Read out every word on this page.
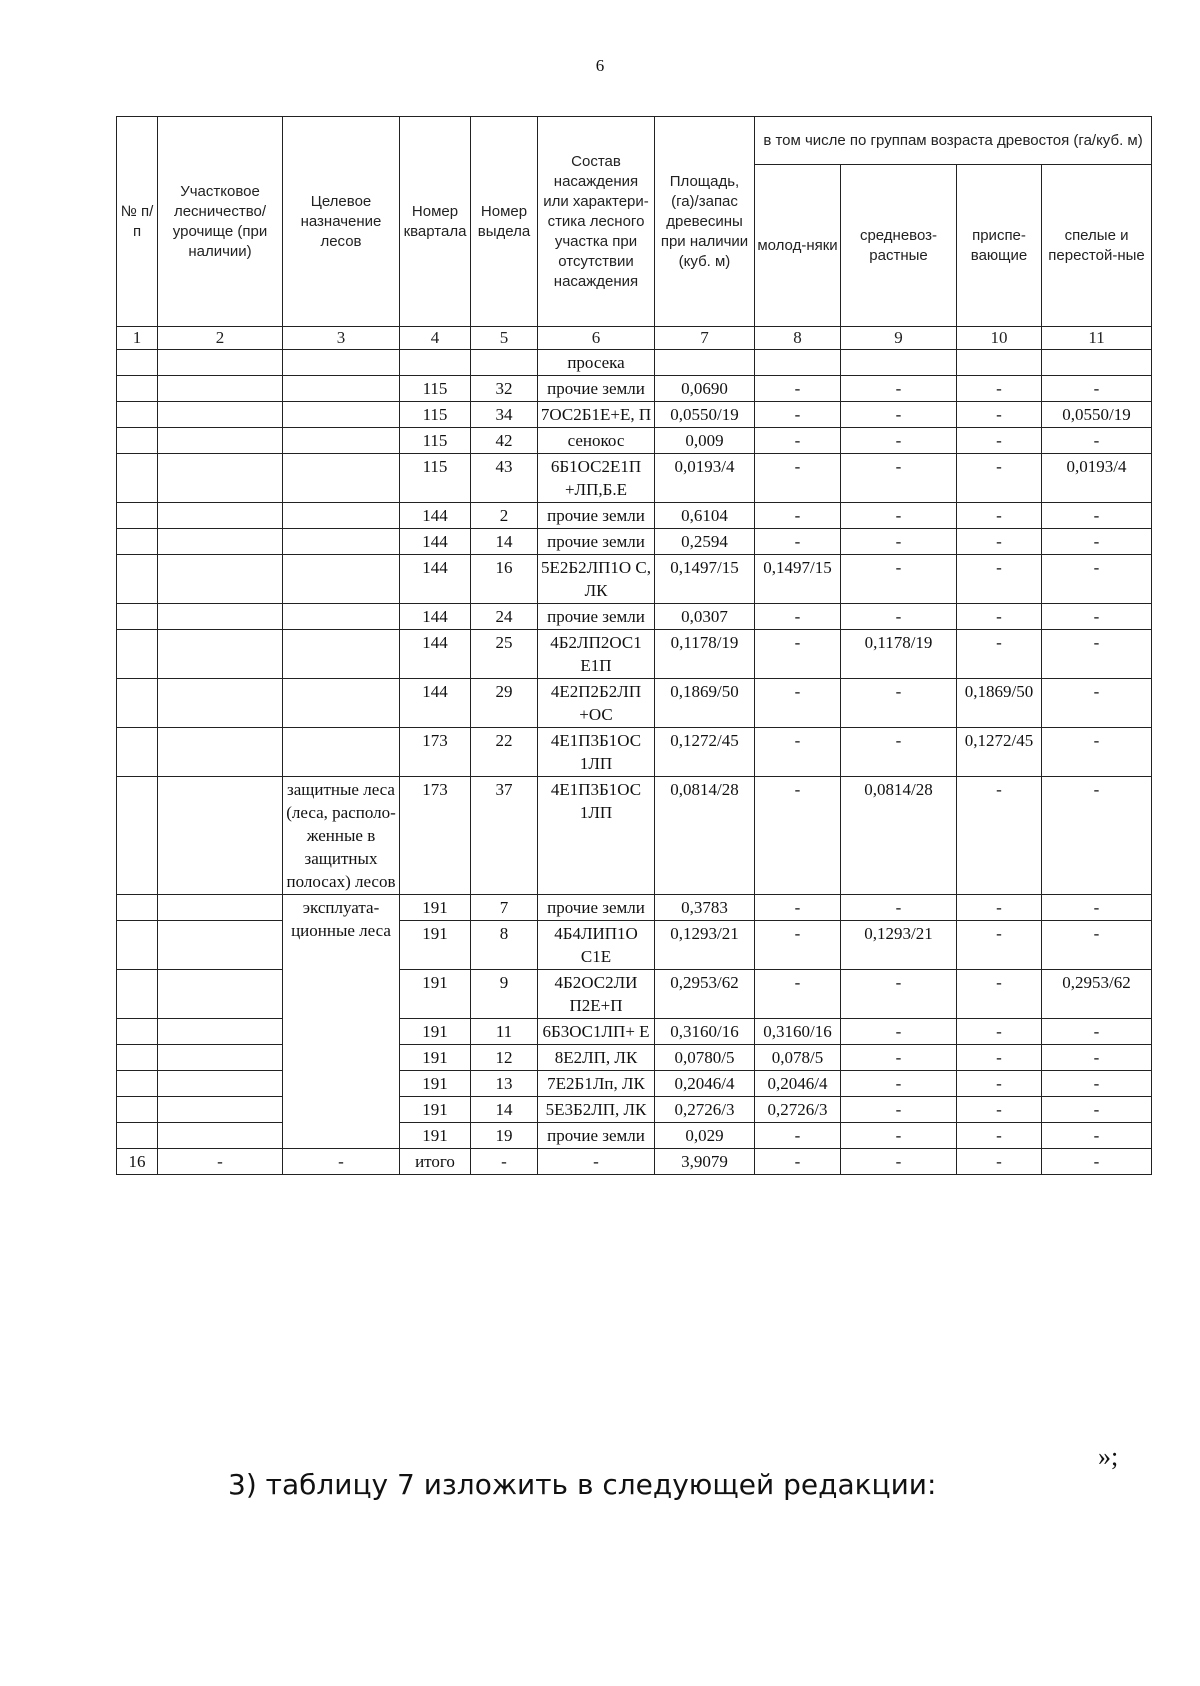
6
№ п/п	Участковое лесничество/ урочище (при наличии)	Целевое назначение лесов	Номер квартала	Номер выдела	Состав насаждения или характери-стика лесного участка при отсутствии насаждения	Площадь, (га)/запас древесины при наличии (куб. м)	в том числе по группам возраста древостоя (га/куб. м)			
							молод-няки	средневоз-растные	приспе-вающие	спелые и перестой-ные
1	2	3	4	5	6	7	8	9	10	11
					просека					
			115	32	прочие земли	0,0690	-	-	-	-
			115	34	7ОС2Б1Е+Е, П	0,0550/19	-	-	-	0,0550/19
			115	42	сенокос	0,009	-	-	-	-
			115	43	6Б1ОС2Е1П +ЛП,Б.Е	0,0193/4	-	-	-	0,0193/4
			144	2	прочие земли	0,6104	-	-	-	-
			144	14	прочие земли	0,2594	-	-	-	-
			144	16	5Е2Б2ЛП1О С, ЛК	0,1497/15	0,1497/15	-	-	-
			144	24	прочие земли	0,0307	-	-	-	-
			144	25	4Б2ЛП2ОС1 Е1П	0,1178/19	-	0,1178/19	-	-
			144	29	4Е2П2Б2ЛП +ОС	0,1869/50	-	-	0,1869/50	-
			173	22	4Е1П3Б1ОС 1ЛП	0,1272/45	-	-	0,1272/45	-
		защитные леса (леса, располо-женные в защитных полосах) лесов	173	37	4Е1П3Б1ОС 1ЛП	0,0814/28	-	0,0814/28	-	-
		эксплуата-ционные леса	191	7	прочие земли	0,3783	-	-	-	-
			191	8	4Б4ЛИП1О С1Е	0,1293/21	-	0,1293/21	-	-
			191	9	4Б2ОС2ЛИ П2Е+П	0,2953/62	-	-	-	0,2953/62
			191	11	6Б3ОС1ЛП+ Е	0,3160/16	0,3160/16	-	-	-
			191	12	8Е2ЛП, ЛК	0,0780/5	0,078/5	-	-	-
			191	13	7Е2Б1Лп, ЛК	0,2046/4	0,2046/4	-	-	-
			191	14	5Е3Б2ЛП, ЛК	0,2726/3	0,2726/3	-	-	-
			191	19	прочие земли	0,029	-	-	-	-
16	-	-	итого	-	-	3,9079	-	-	-	-
»;
3) таблицу 7 изложить в следующей редакции:
